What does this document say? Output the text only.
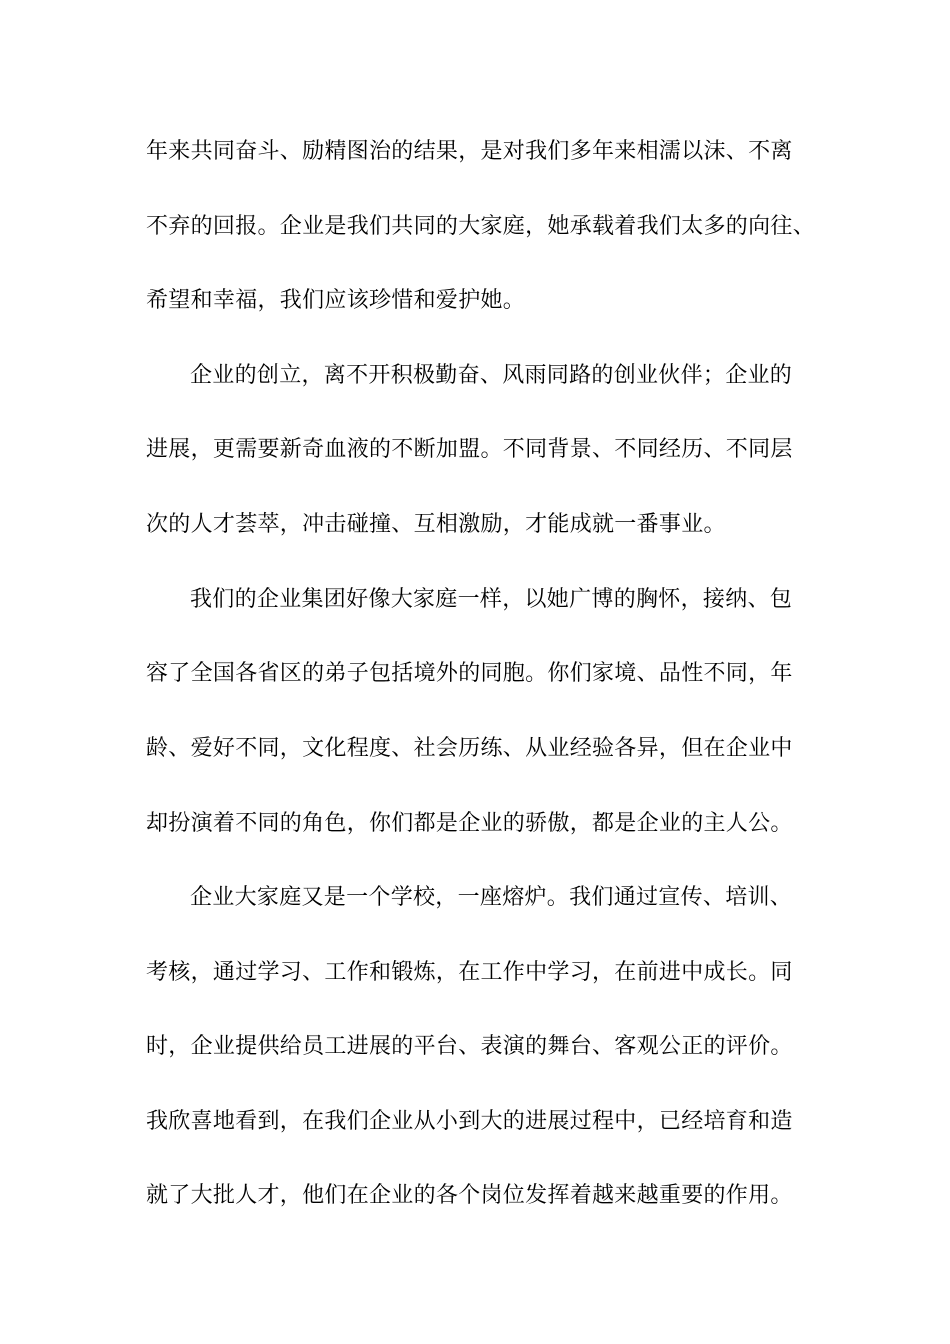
年来共同奋斗、励精图治的结果，是对我们多年来相濡以沫、不离
不弃的回报。企业是我们共同的大家庭，她承载着我们太多的向往、
希望和幸福，我们应该珍惜和爱护她。
企业的创立，离不开积极勤奋、风雨同路的创业伙伴；企业的
进展，更需要新奇血液的不断加盟。不同背景、不同经历、不同层
次的人才荟萃，冲击碰撞、互相激励，才能成就一番事业。
我们的企业集团好像大家庭一样，以她广博的胸怀，接纳、包
容了全国各省区的弟子包括境外的同胞。你们家境、品性不同，年
龄、爱好不同，文化程度、社会历练、从业经验各异，但在企业中
却扮演着不同的角色，你们都是企业的骄傲，都是企业的主人公。
企业大家庭又是一个学校，一座熔炉。我们通过宣传、培训、
考核，通过学习、工作和锻炼，在工作中学习，在前进中成长。同
时，企业提供给员工进展的平台、表演的舞台、客观公正的评价。
我欣喜地看到，在我们企业从小到大的进展过程中，已经培育和造
就了大批人才，他们在企业的各个岗位发挥着越来越重要的作用。
